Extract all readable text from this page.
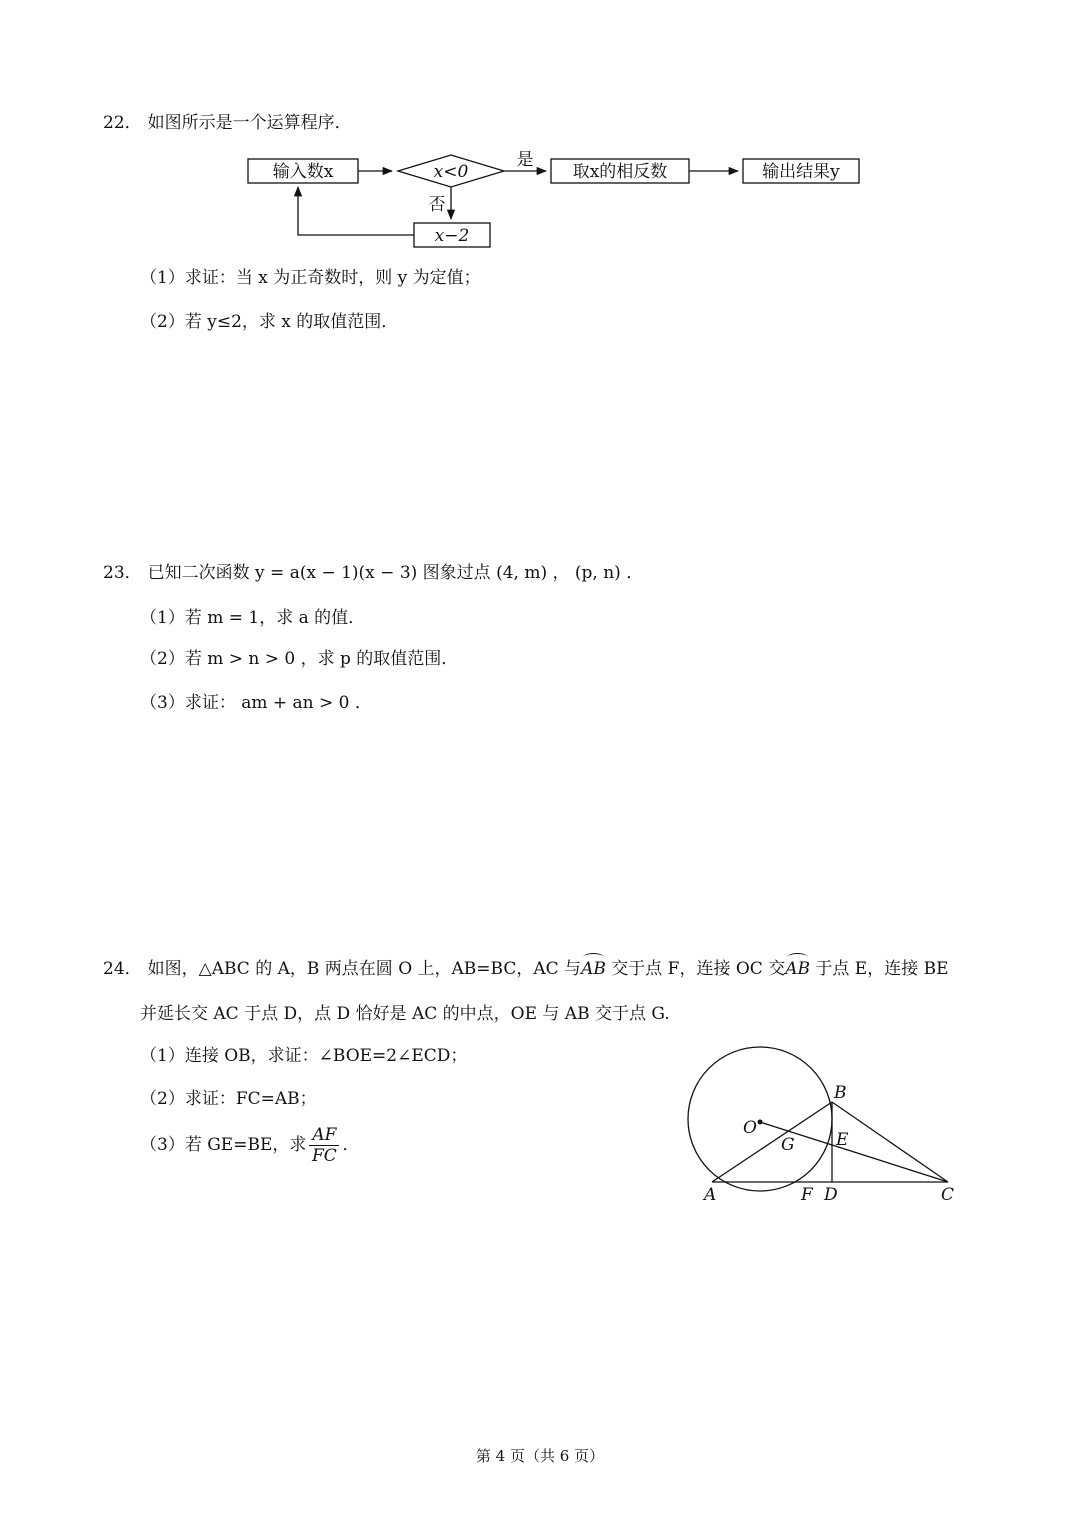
22． 如图所示是一个运算程序．
输入数x	x<0
是
取x的相反数	输出结果y
否
x−2
（1）求证：当 x 为正奇数时，则 y 为定值；
（2）若 y≤2，求 x 的取值范围．
23． 已知二次函数 y = a(x − 1)(x − 3) 图象过点 (4, m) ， (p, n) ．
（1）若 m = 1，求 a 的值．
（2）若 m > n > 0 ，求 p 的取值范围．
（3）求证： am + an > 0 ．
24． 如图，△ABC 的 A，B 两点在圆 O 上，AB=BC，AC 与AB 交于点 F，连接 OC 交AB 于点 E，连接 BE
并延长交 AC 于点 D，点 D 恰好是 AC 的中点，OE 与 AB 交于点 G.
（1）连接 OB，求证：∠BOE=2∠ECD；
（2）求证：FC=AB；
（3）若 GE=BE，求 $\frac{AF}{FC}$ ．
A
B
C
D
E
F
G
O
第 4 页（共 6 页）
